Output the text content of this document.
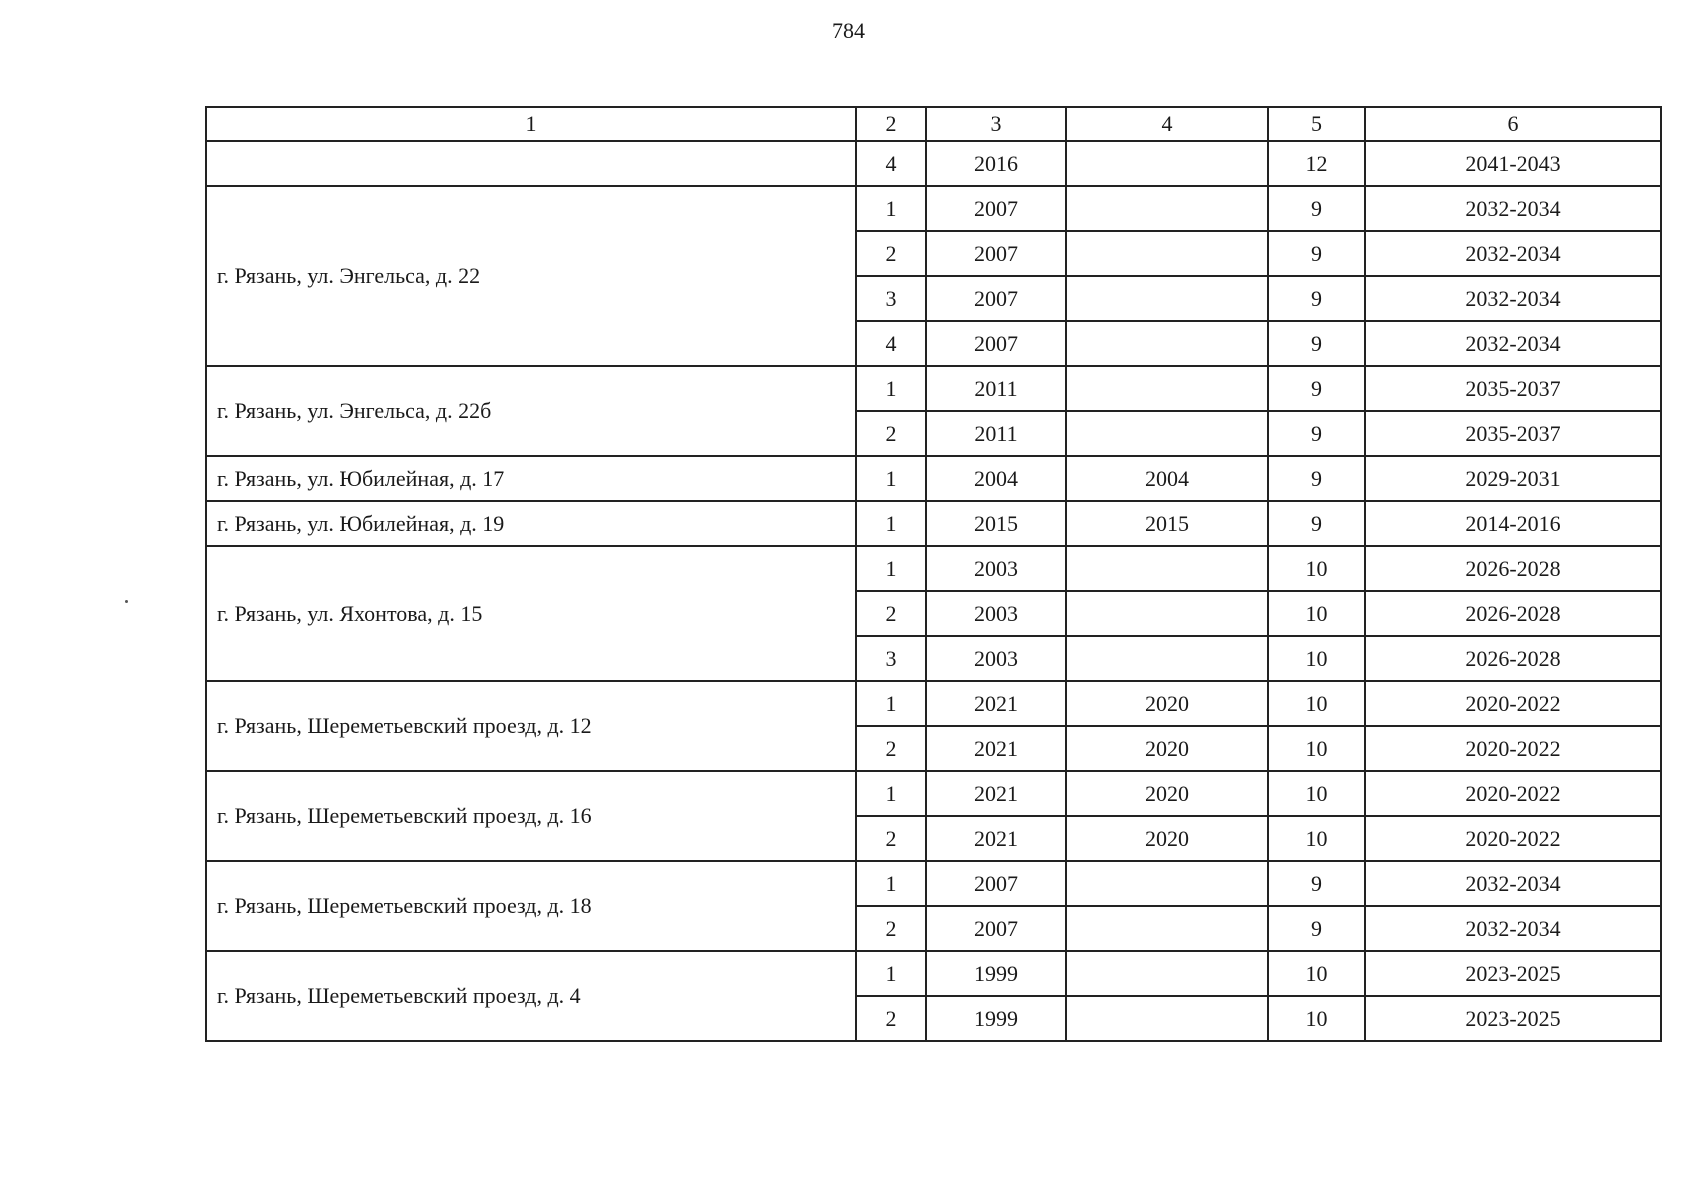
784
1	2	3	4	5	6
	4	2016		12	2041-2043
г. Рязань, ул. Энгельса, д. 22	1	2007		9	2032-2034
	2	2007		9	2032-2034
	3	2007		9	2032-2034
	4	2007		9	2032-2034
г. Рязань, ул. Энгельса, д. 22б	1	2011		9	2035-2037
	2	2011		9	2035-2037
г. Рязань, ул. Юбилейная, д. 17	1	2004	2004	9	2029-2031
г. Рязань, ул. Юбилейная, д. 19	1	2015	2015	9	2014-2016
г. Рязань, ул. Яхонтова, д. 15	1	2003		10	2026-2028
	2	2003		10	2026-2028
	3	2003		10	2026-2028
г. Рязань, Шереметьевский проезд, д. 12	1	2021	2020	10	2020-2022
	2	2021	2020	10	2020-2022
г. Рязань, Шереметьевский проезд, д. 16	1	2021	2020	10	2020-2022
	2	2021	2020	10	2020-2022
г. Рязань, Шереметьевский проезд, д. 18	1	2007		9	2032-2034
	2	2007		9	2032-2034
г. Рязань, Шереметьевский проезд, д. 4	1	1999		10	2023-2025
	2	1999		10	2023-2025
